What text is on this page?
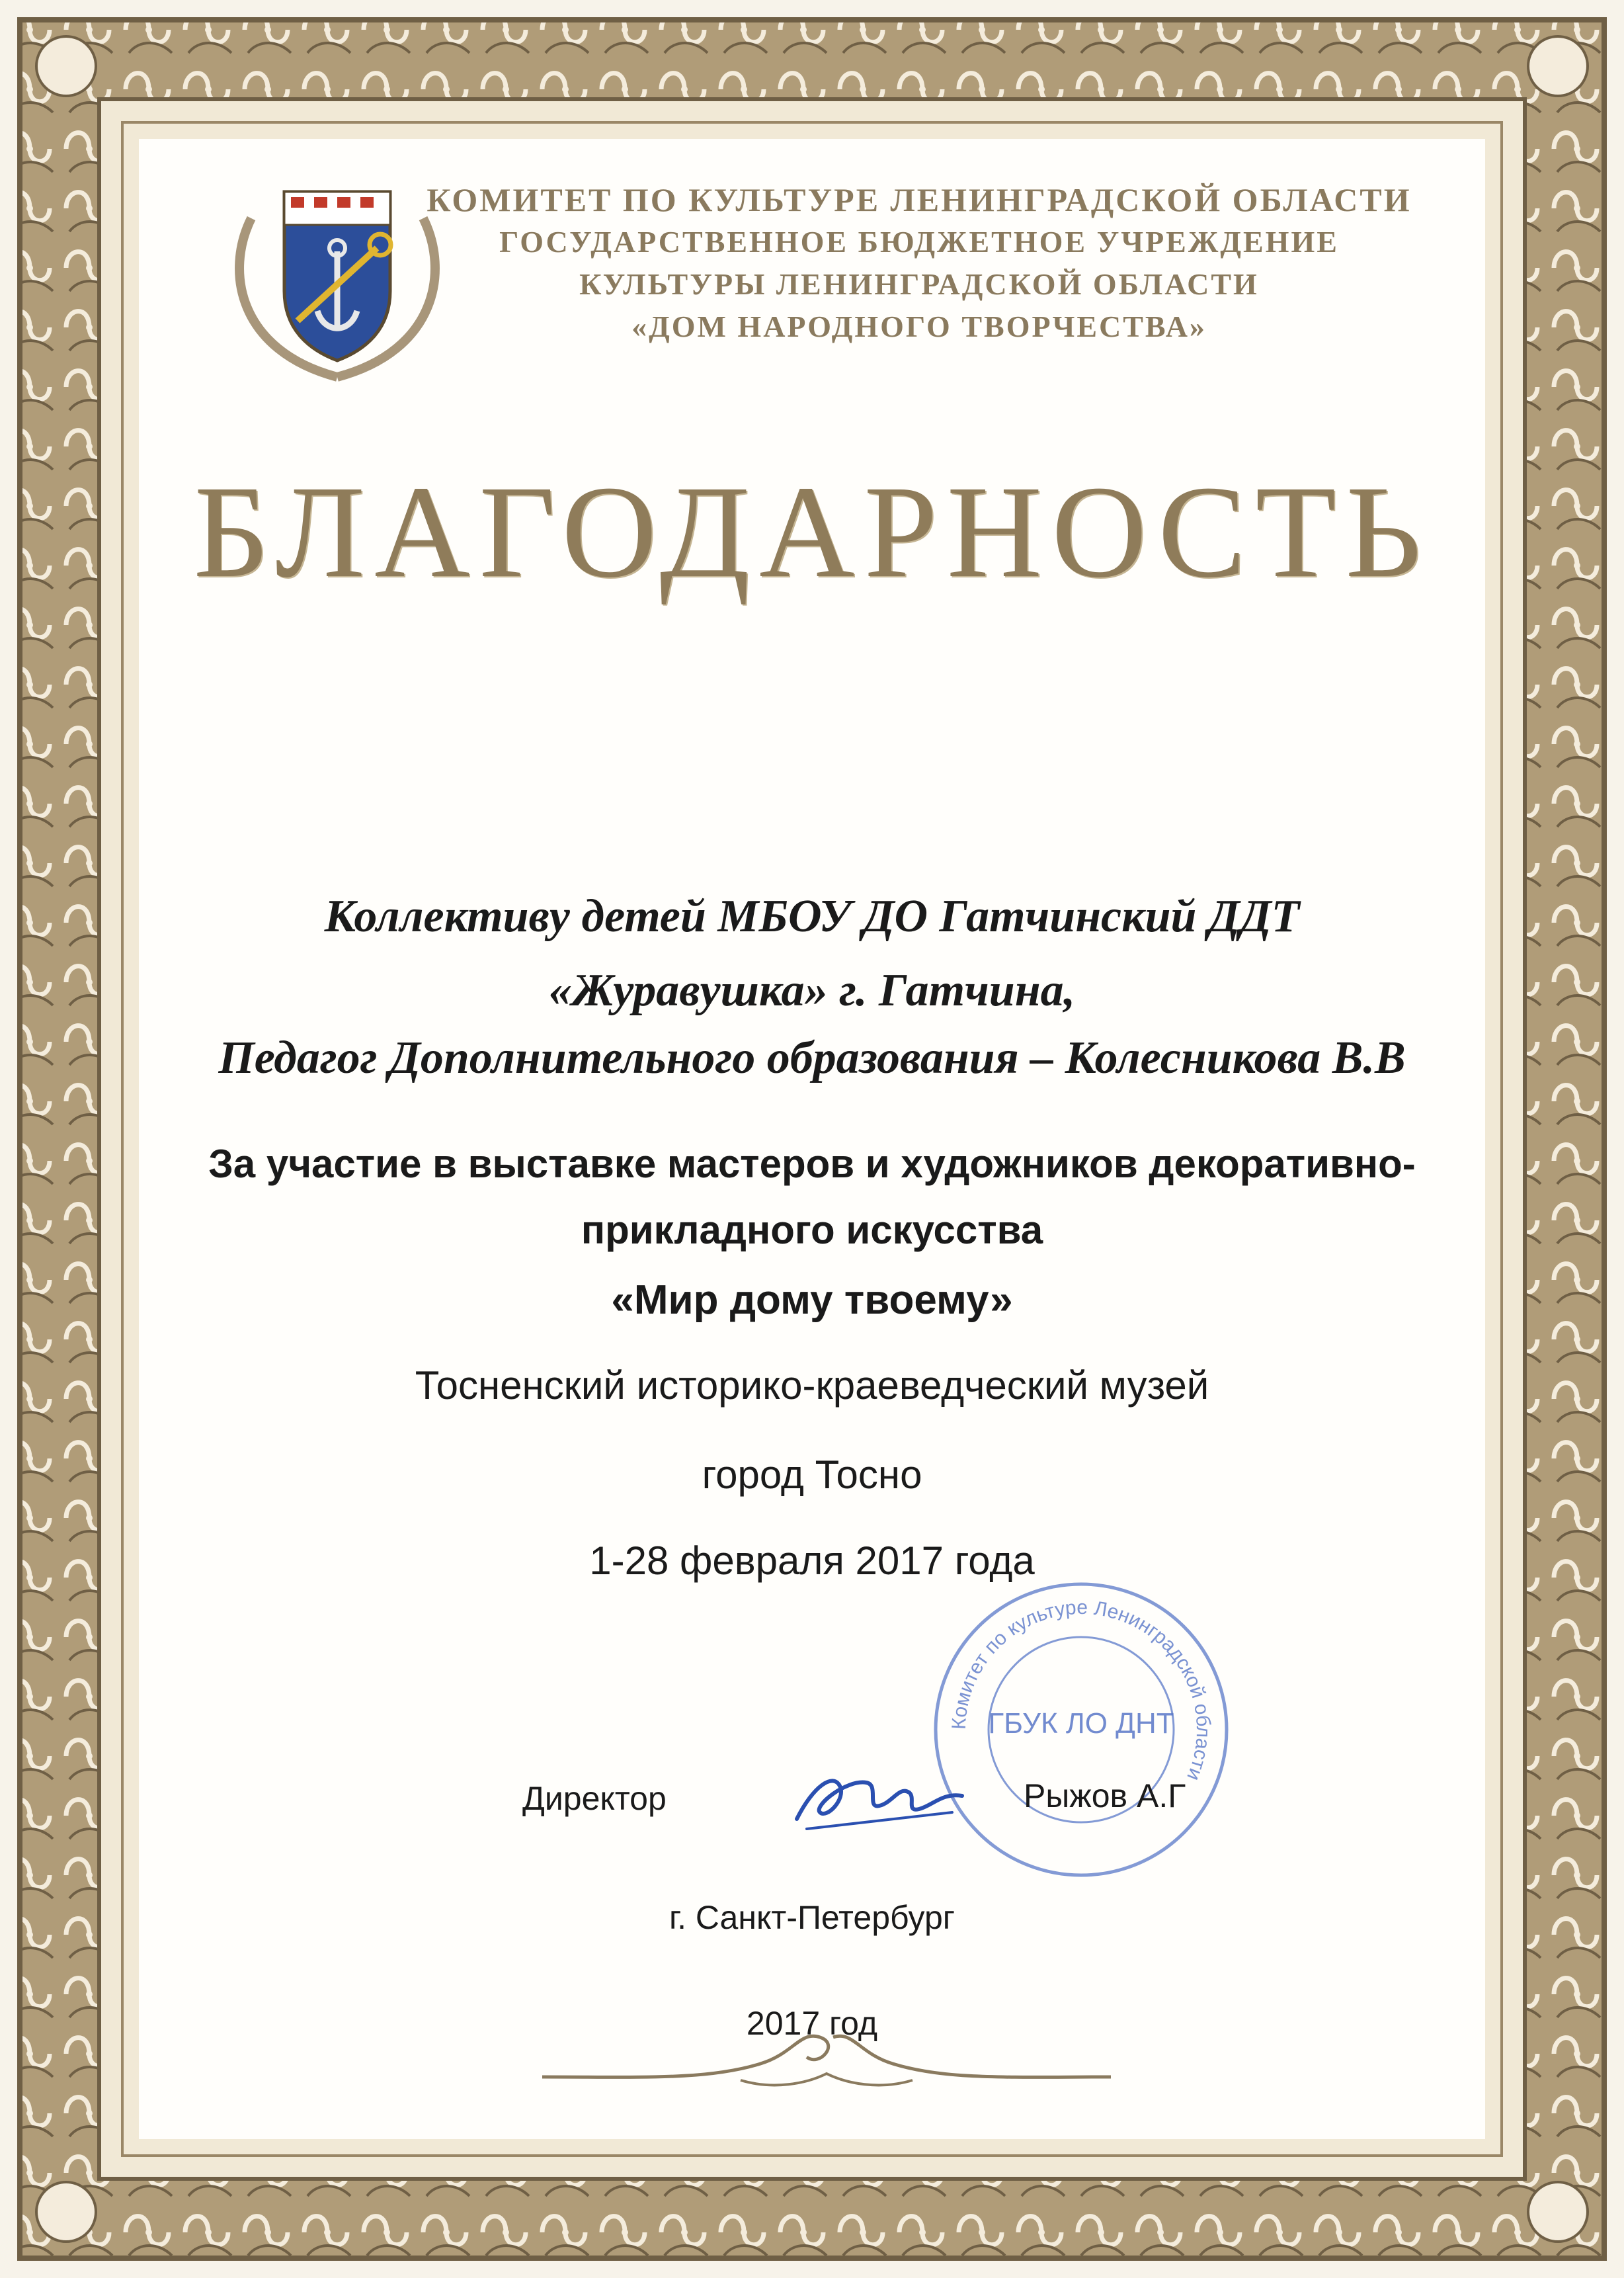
КОМИТЕТ ПО КУЛЬТУРЕ ЛЕНИНГРАДСКОЙ ОБЛАСТИ
ГОСУДАРСТВЕННОЕ БЮДЖЕТНОЕ УЧРЕЖДЕНИЕ
КУЛЬТУРЫ ЛЕНИНГРАДСКОЙ ОБЛАСТИ
«ДОМ НАРОДНОГО ТВОРЧЕСТВА»
БЛАГОДАРНОСТЬ
Коллективу детей МБОУ ДО Гатчинский ДДТ
«Журавушка» г. Гатчина,
Педагог Дополнительного образования – Колесникова В.В
За участие в выставке мастеров и художников декоративно-
прикладного искусства
«Мир дому твоему»
Тосненский историко-краеведческий музей
город Тосно
1-28 февраля 2017 года
Комитет по культуре Ленинградской области
ГБУК ЛО ДНТ
Директор	Рыжов А.Г
г. Санкт-Петербург
2017 год
